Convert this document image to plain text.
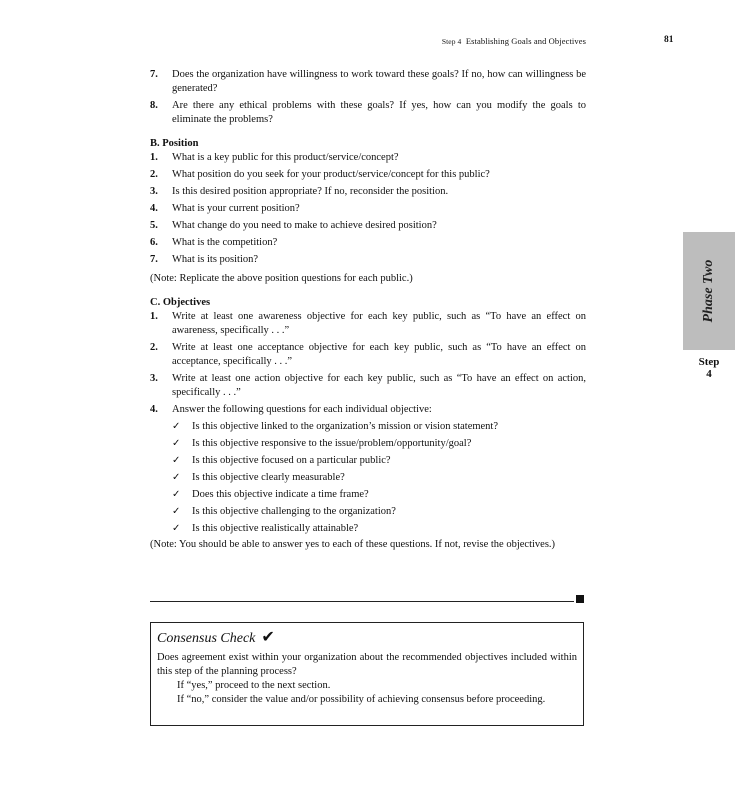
Step 4 Establishing Goals and Objectives	81
7. Does the organization have willingness to work toward these goals? If no, how can willingness be generated?
8. Are there any ethical problems with these goals? If yes, how can you modify the goals to eliminate the problems?
B. Position
1. What is a key public for this product/service/concept?
2. What position do you seek for your product/service/concept for this public?
3. Is this desired position appropriate? If no, reconsider the position.
4. What is your current position?
5. What change do you need to make to achieve desired position?
6. What is the competition?
7. What is its position?
(Note: Replicate the above position questions for each public.)
C. Objectives
1. Write at least one awareness objective for each key public, such as “To have an effect on awareness, specifically . . .”
2. Write at least one acceptance objective for each key public, such as “To have an effect on acceptance, specifically . . .”
3. Write at least one action objective for each key public, such as “To have an effect on action, specifically . . .”
4. Answer the following questions for each individual objective:
✓ Is this objective linked to the organization’s mission or vision statement?
✓ Is this objective responsive to the issue/problem/opportunity/goal?
✓ Is this objective focused on a particular public?
✓ Is this objective clearly measurable?
✓ Does this objective indicate a time frame?
✓ Is this objective challenging to the organization?
✓ Is this objective realistically attainable?
(Note: You should be able to answer yes to each of these questions. If not, revise the objectives.)
Consensus Check ✔
Does agreement exist within your organization about the recommended objectives included within this step of the planning process?
If “yes,” proceed to the next section.
If “no,” consider the value and/or possibility of achieving consensus before proceeding.
Phase Two
Step
4
